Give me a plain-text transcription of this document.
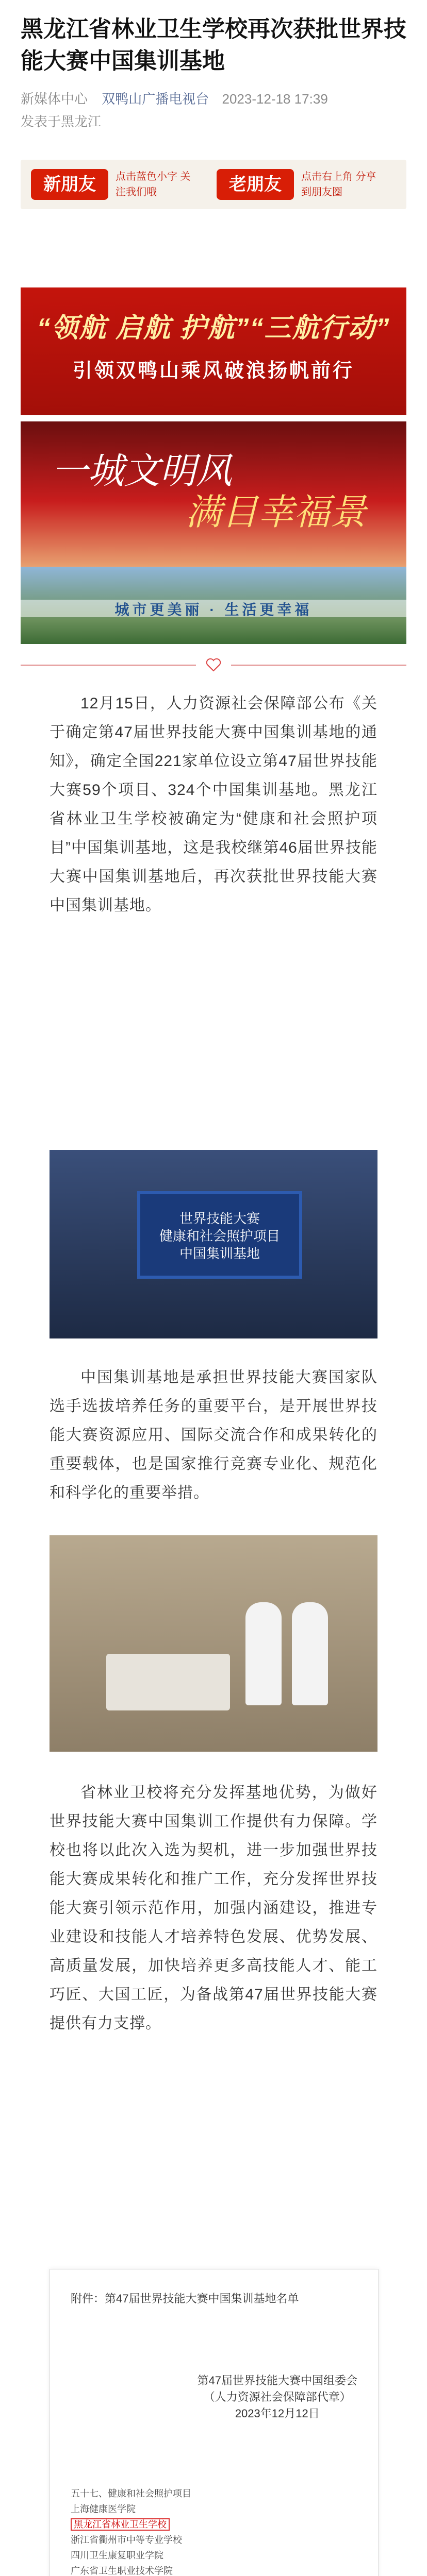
黑龙江省林业卫生学校再次获批世界技能大赛中国集训基地
新媒体中心 双鸭山广播电视台 2023-12-18 17:39
发表于黑龙江
新朋友	点击蓝色小字 关注我们哦	老朋友	点击右上角 分享到朋友圈
“领航 启航 护航”“三航行动”
引领双鸭山乘风破浪扬帆前行
一城文明风
满目幸福景
城市更美丽 · 生活更幸福

12月15日，人力资源社会保障部公布《关于确定第47届世界技能大赛中国集训基地的通知》，确定全国221家单位设立第47届世界技能大赛59个项目、324个中国集训基地。黑龙江省林业卫生学校被确定为“健康和社会照护项目”中国集训基地，这是我校继第46届世界技能大赛中国集训基地后，再次获批世界技能大赛中国集训基地。

世界技能大赛
健康和社会照护项目
中国集训基地

中国集训基地是承担世界技能大赛国家队选手选拔培养任务的重要平台，是开展世界技能大赛资源应用、国际交流合作和成果转化的重要载体，也是国家推行竞赛专业化、规范化和科学化的重要举措。

省林业卫校将充分发挥基地优势，为做好世界技能大赛中国集训工作提供有力保障。学校也将以此次入选为契机，进一步加强世界技能大赛成果转化和推广工作，充分发挥世界技能大赛引领示范作用，加强内涵建设，推进专业建设和技能人才培养特色发展、优势发展、高质量发展，加快培养更多高技能人才、能工巧匠、大国工匠，为备战第47届世界技能大赛提供有力支撑。

附件：第47届世界技能大赛中国集训基地名单
第47届世界技能大赛中国组委会
（人力资源社会保障部代章）
2023年12月12日
五十七、健康和社会照护项目
上海健康医学院
黑龙江省林业卫生学校
浙江省衢州市中等专业学校
四川卫生康复职业学院
广东省卫生职业技术学院
